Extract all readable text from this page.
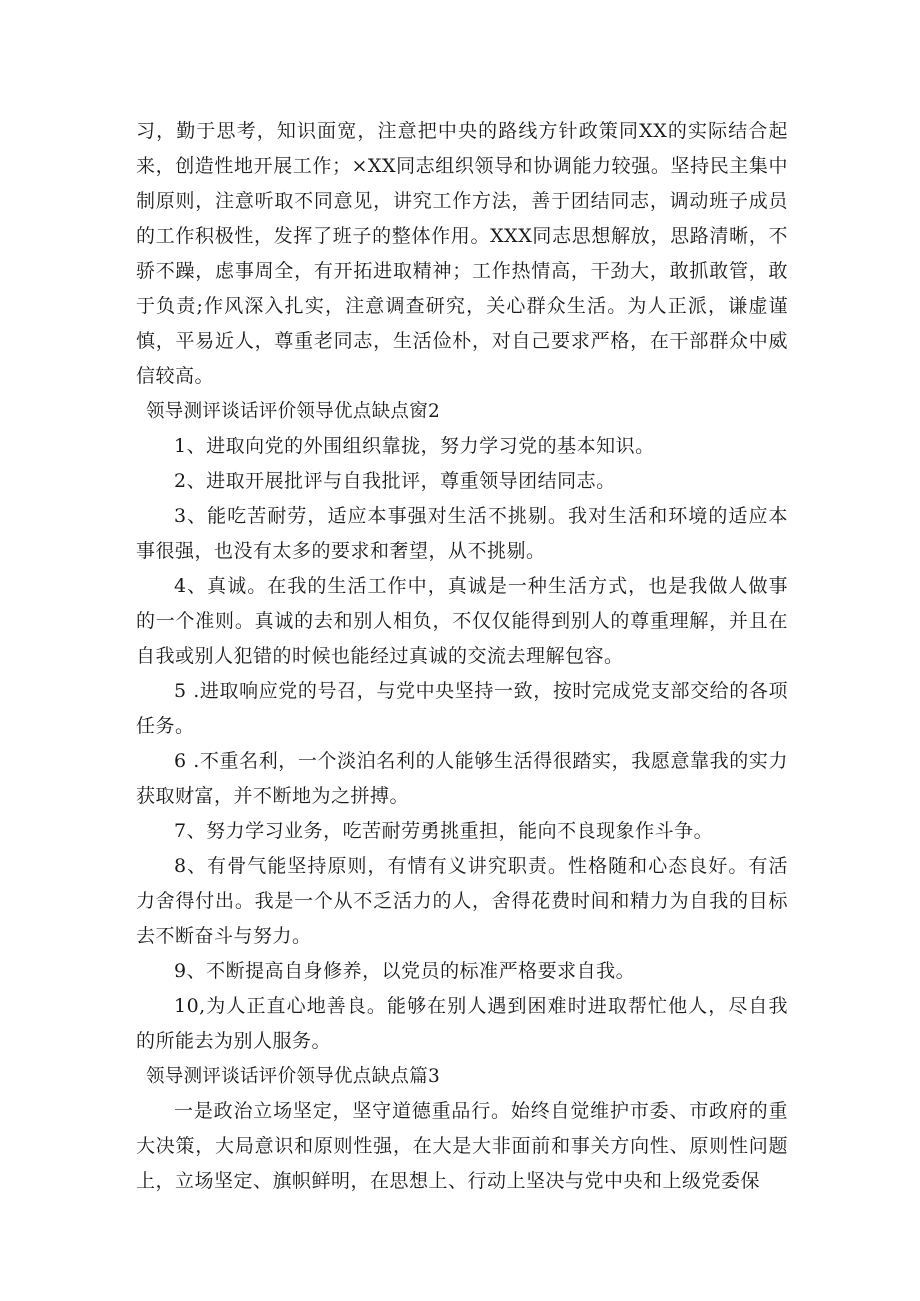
习，勤于思考，知识面宽，注意把中央的路线方针政策同XX的实际结合起来，创造性地开展工作；×XX同志组织领导和协调能力较强。坚持民主集中制原则，注意听取不同意见，讲究工作方法，善于团结同志，调动班子成员的工作积极性，发挥了班子的整体作用。XXX同志思想解放，思路清晰，不骄不躁，虑事周全，有开拓进取精神；工作热情高，干劲大，敢抓敢管，敢于负责;作风深入扎实，注意调查研究，关心群众生活。为人正派，谦虚谨慎，平易近人，尊重老同志，生活俭朴，对自己要求严格，在干部群众中威信较高。

领导测评谈话评价领导优点缺点窗2

1、进取向党的外围组织靠拢，努力学习党的基本知识。

2、进取开展批评与自我批评，尊重领导团结同志。

3、能吃苦耐劳，适应本事强对生活不挑剔。我对生活和环境的适应本事很强，也没有太多的要求和奢望，从不挑剔。

4、真诚。在我的生活工作中，真诚是一种生活方式，也是我做人做事的一个准则。真诚的去和别人相负，不仅仅能得到别人的尊重理解，并且在自我或别人犯错的时候也能经过真诚的交流去理解包容。

5 .进取响应党的号召，与党中央坚持一致，按时完成党支部交给的各项任务。

6 .不重名利，一个淡泊名利的人能够生活得很踏实，我愿意靠我的实力获取财富，并不断地为之拼搏。

7、努力学习业务，吃苦耐劳勇挑重担，能向不良现象作斗争。

8、有骨气能坚持原则，有情有义讲究职责。性格随和心态良好。有活力舍得付出。我是一个从不乏活力的人，舍得花费时间和精力为自我的目标去不断奋斗与努力。

9、不断提高自身修养，以党员的标准严格要求自我。

10,为人正直心地善良。能够在别人遇到困难时进取帮忙他人，尽自我的所能去为别人服务。

领导测评谈话评价领导优点缺点篇3

一是政治立场坚定，坚守道德重品行。始终自觉维护市委、市政府的重大决策，大局意识和原则性强，在大是大非面前和事关方向性、原则性问题上，立场坚定、旗帜鲜明，在思想上、行动上坚决与党中央和上级党委保
